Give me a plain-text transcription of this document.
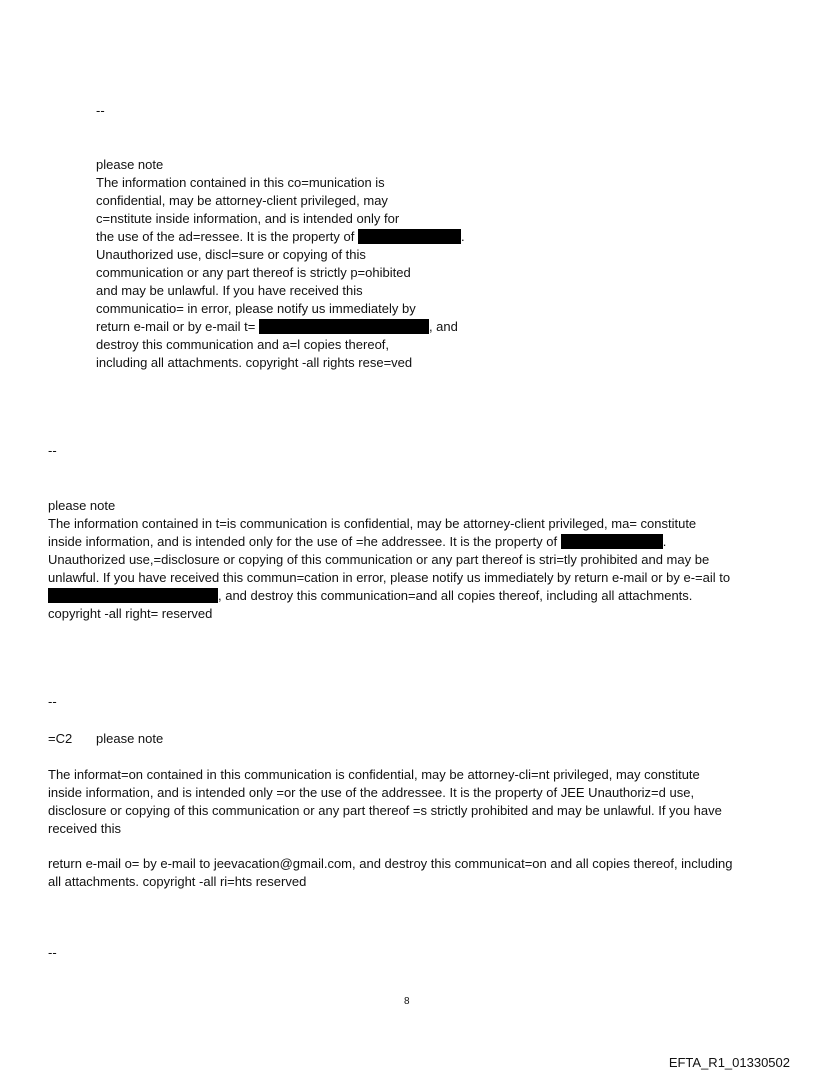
--
please note
The information contained in this co=munication is
confidential, may be attorney-client privileged, may
c=nstitute inside information, and is intended only for
the use of the ad=ressee. It is the property of	.
Unauthorized use, discl=sure or copying of this
communication or any part thereof is strictly p=ohibited
and may be unlawful. If you have received this
communicatio= in error, please notify us immediately by
return e-mail or by e-mail t=	, and
destroy this communication and a=l copies thereof,
including all attachments. copyright -all rights rese=ved
--
please note
The information contained in t=is communication is confidential, may be attorney-client privileged, ma= constitute
inside information, and is intended only for the use of =he addressee. It is the property of	.
Unauthorized use,=disclosure or copying of this communication or any part thereof is stri=tly prohibited and may be
unlawful. If you have received this commun=cation in error, please notify us immediately by return e-mail or by e-=ail to
, and destroy this communication=and all copies thereof, including all attachments.
copyright -all right= reserved
--
=C2 please note
The informat=on contained in this communication is confidential, may be attorney-cli=nt privileged, may constitute
inside information, and is intended only =or the use of the addressee. It is the property of JEE Unauthoriz=d use,
disclosure or copying of this communication or any part thereof =s strictly prohibited and may be unlawful. If you have
received this
return e-mail o= by e-mail to jeevacation@gmail.com, and destroy this communicat=on and all copies thereof, including
all attachments. copyright -all ri=hts reserved
--
8
EFTA_R1_01330502
